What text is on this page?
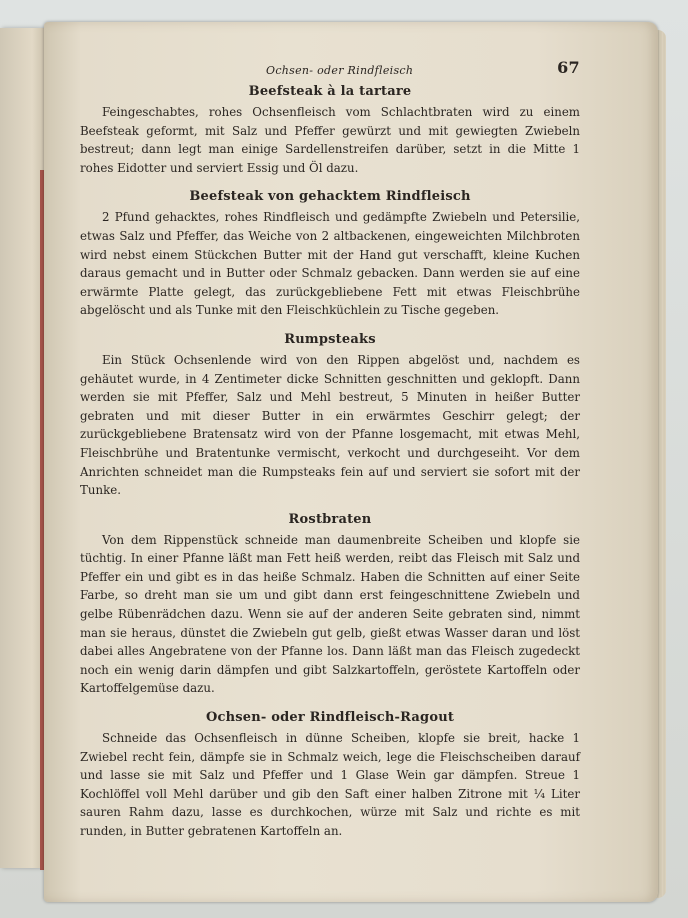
Ochsen- oder Rindfleisch	67
Beefsteak à la tartare

Feingeschabtes, rohes Ochsenfleisch vom Schlachtbraten wird zu einem Beefsteak geformt, mit Salz und Pfeffer gewürzt und mit gewiegten Zwiebeln bestreut; dann legt man einige Sardellenstreifen darüber, setzt in die Mitte 1 rohes Eidotter und serviert Essig und Öl dazu.

Beefsteak von gehacktem Rindfleisch

2 Pfund gehacktes, rohes Rindfleisch und gedämpfte Zwiebeln und Petersilie, etwas Salz und Pfeffer, das Weiche von 2 altbackenen, eingeweichten Milchbroten wird nebst einem Stückchen Butter mit der Hand gut verschafft, kleine Kuchen daraus gemacht und in Butter oder Schmalz gebacken. Dann werden sie auf eine erwärmte Platte gelegt, das zurückgebliebene Fett mit etwas Fleischbrühe abgelöscht und als Tunke mit den Fleischküchlein zu Tische gegeben.

Rumpsteaks

Ein Stück Ochsenlende wird von den Rippen abgelöst und, nachdem es gehäutet wurde, in 4 Zentimeter dicke Schnitten geschnitten und geklopft. Dann werden sie mit Pfeffer, Salz und Mehl bestreut, 5 Minuten in heißer Butter gebraten und mit dieser Butter in ein erwärmtes Geschirr gelegt; der zurückgebliebene Bratensatz wird von der Pfanne losgemacht, mit etwas Mehl, Fleischbrühe und Bratentunke vermischt, verkocht und durchgeseiht. Vor dem Anrichten schneidet man die Rumpsteaks fein auf und serviert sie sofort mit der Tunke.

Rostbraten

Von dem Rippenstück schneide man daumenbreite Scheiben und klopfe sie tüchtig. In einer Pfanne läßt man Fett heiß werden, reibt das Fleisch mit Salz und Pfeffer ein und gibt es in das heiße Schmalz. Haben die Schnitten auf einer Seite Farbe, so dreht man sie um und gibt dann erst feingeschnittene Zwiebeln und gelbe Rübenrädchen dazu. Wenn sie auf der anderen Seite gebraten sind, nimmt man sie heraus, dünstet die Zwiebeln gut gelb, gießt etwas Wasser daran und löst dabei alles Angebratene von der Pfanne los. Dann läßt man das Fleisch zugedeckt noch ein wenig darin dämpfen und gibt Salzkartoffeln, geröstete Kartoffeln oder Kartoffelgemüse dazu.

Ochsen- oder Rindfleisch-Ragout

Schneide das Ochsenfleisch in dünne Scheiben, klopfe sie breit, hacke 1 Zwiebel recht fein, dämpfe sie in Schmalz weich, lege die Fleischscheiben darauf und lasse sie mit Salz und Pfeffer und 1 Glase Wein gar dämpfen. Streue 1 Kochlöffel voll Mehl darüber und gib den Saft einer halben Zitrone mit ¼ Liter sauren Rahm dazu, lasse es durchkochen, würze mit Salz und richte es mit runden, in Butter gebratenen Kartoffeln an.
